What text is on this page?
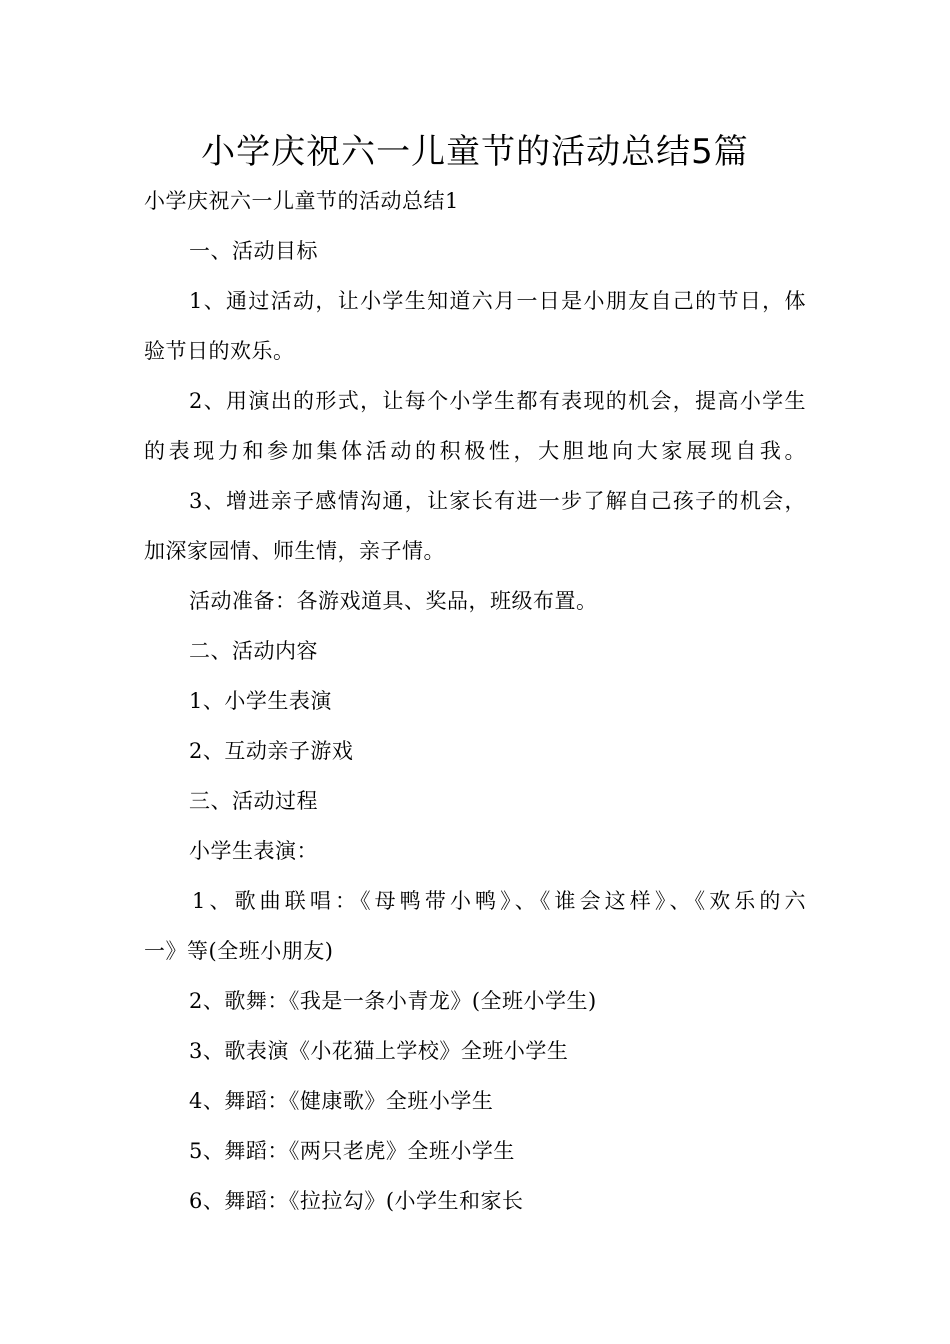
小学庆祝六一儿童节的活动总结5篇
小学庆祝六一儿童节的活动总结1
一、活动目标
1、通过活动，让小学生知道六月一日是小朋友自己的节日，体
验节日的欢乐。
2、用演出的形式，让每个小学生都有表现的机会，提高小学生
的表现力和参加集体活动的积极性，大胆地向大家展现自我。
3、增进亲子感情沟通，让家长有进一步了解自己孩子的机会，
加深家园情、师生情，亲子情。
活动准备：各游戏道具、奖品，班级布置。
二、活动内容
1、小学生表演
2、互动亲子游戏
三、活动过程
小学生表演：
1、歌曲联唱：《母鸭带小鸭》、《谁会这样》、《欢乐的六
一》等(全班小朋友)
2、歌舞：《我是一条小青龙》(全班小学生)
3、歌表演《小花猫上学校》全班小学生
4、舞蹈：《健康歌》全班小学生
5、舞蹈：《两只老虎》全班小学生
6、舞蹈：《拉拉勾》(小学生和家长
